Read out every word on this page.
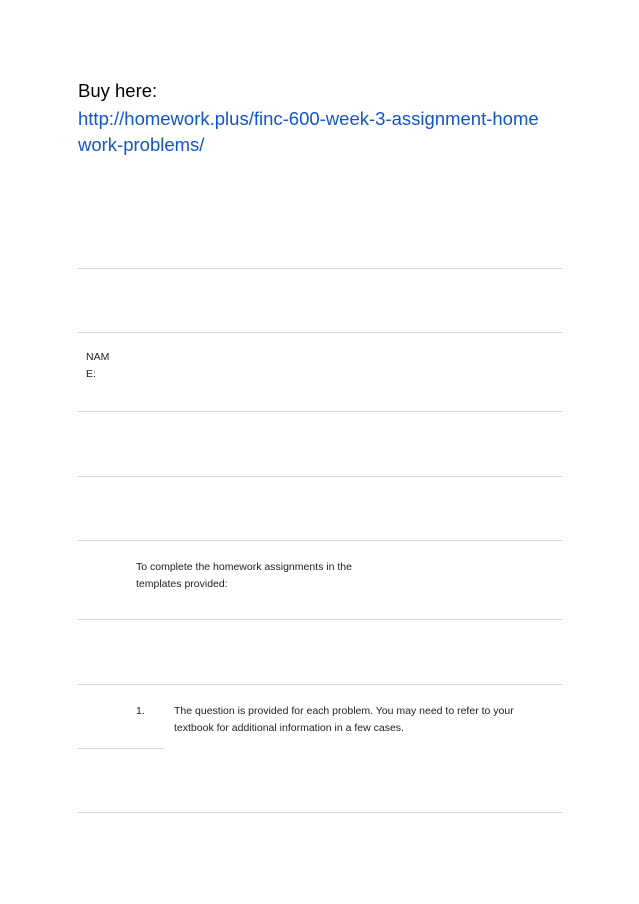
Buy here:
http://homework.plus/finc-600-week-3-assignment-home
work-problems/
NAM
E:
To complete the homework assignments in the
templates provided:
1.	The question is provided for each problem. You may need to refer to your
textbook for additional information in a few cases.
